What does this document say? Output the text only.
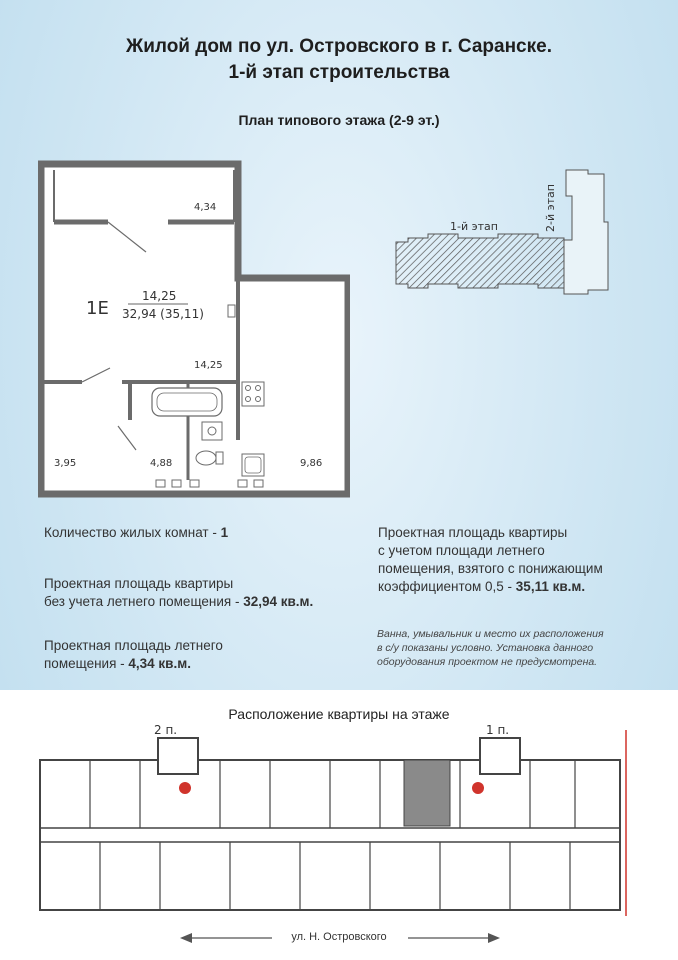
Жилой дом по ул. Островского в г. Саранске.
1-й этап строительства
План типового этажа (2-9 эт.)
1Е
14,25
32,94 (35,11)
4,34
14,25
3,95	4,88	9,86
1-й этап	2-й этап
Количество жилых комнат - 1
Проектная площадь квартиры
без учета летнего помещения - 32,94 кв.м.
Проектная площадь летнего
помещения - 4,34 кв.м.
Проектная площадь квартиры
с учетом площади летнего
помещения, взятого с понижающим
коэффициентом 0,5 - 35,11 кв.м.
Ванна, умывальник и место их расположения
в с/у показаны условно. Установка данного
оборудования проектом не предусмотрена.
Расположение квартиры на этаже
2 п.	1 п.
ул. Н. Островского
